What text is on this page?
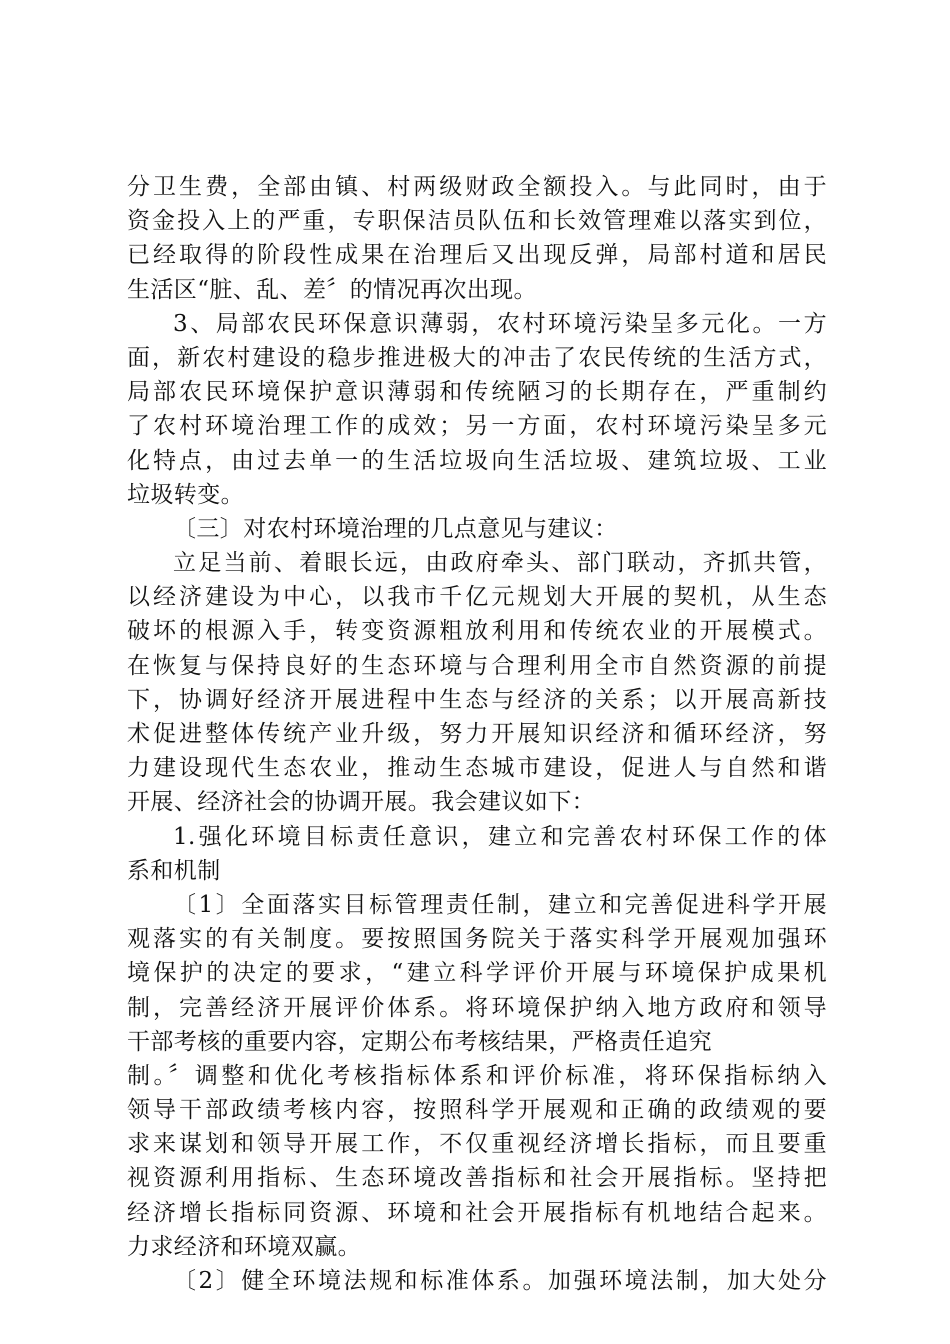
分卫生费，全部由镇、村两级财政全额投入。与此同时，由于
资金投入上的严重，专职保洁员队伍和长效管理难以落实到位，
已经取得的阶段性成果在治理后又出现反弹，局部村道和居民
生活区“脏、乱、差〞的情况再次出现。
3、局部农民环保意识薄弱，农村环境污染呈多元化。一方
面，新农村建设的稳步推进极大的冲击了农民传统的生活方式，
局部农民环境保护意识薄弱和传统陋习的长期存在，严重制约
了农村环境治理工作的成效；另一方面，农村环境污染呈多元
化特点，由过去单一的生活垃圾向生活垃圾、建筑垃圾、工业
垃圾转变。
〔三〕对农村环境治理的几点意见与建议：
立足当前、着眼长远，由政府牵头、部门联动，齐抓共管，
以经济建设为中心，以我市千亿元规划大开展的契机，从生态
破坏的根源入手，转变资源粗放利用和传统农业的开展模式。
在恢复与保持良好的生态环境与合理利用全市自然资源的前提
下，协调好经济开展进程中生态与经济的关系；以开展高新技
术促进整体传统产业升级，努力开展知识经济和循环经济，努
力建设现代生态农业，推动生态城市建设，促进人与自然和谐
开展、经济社会的协调开展。我会建议如下：
1.强化环境目标责任意识，建立和完善农村环保工作的体
系和机制
〔1〕全面落实目标管理责任制，建立和完善促进科学开展
观落实的有关制度。要按照国务院关于落实科学开展观加强环
境保护的决定的要求，“建立科学评价开展与环境保护成果机
制，完善经济开展评价体系。将环境保护纳入地方政府和领导
干部考核的重要内容，定期公布考核结果，严格责任追究
制。〞调整和优化考核指标体系和评价标准，将环保指标纳入
领导干部政绩考核内容，按照科学开展观和正确的政绩观的要
求来谋划和领导开展工作，不仅重视经济增长指标，而且要重
视资源利用指标、生态环境改善指标和社会开展指标。坚持把
经济增长指标同资源、环境和社会开展指标有机地结合起来。
力求经济和环境双赢。
〔2〕健全环境法规和标准体系。加强环境法制，加大处分
